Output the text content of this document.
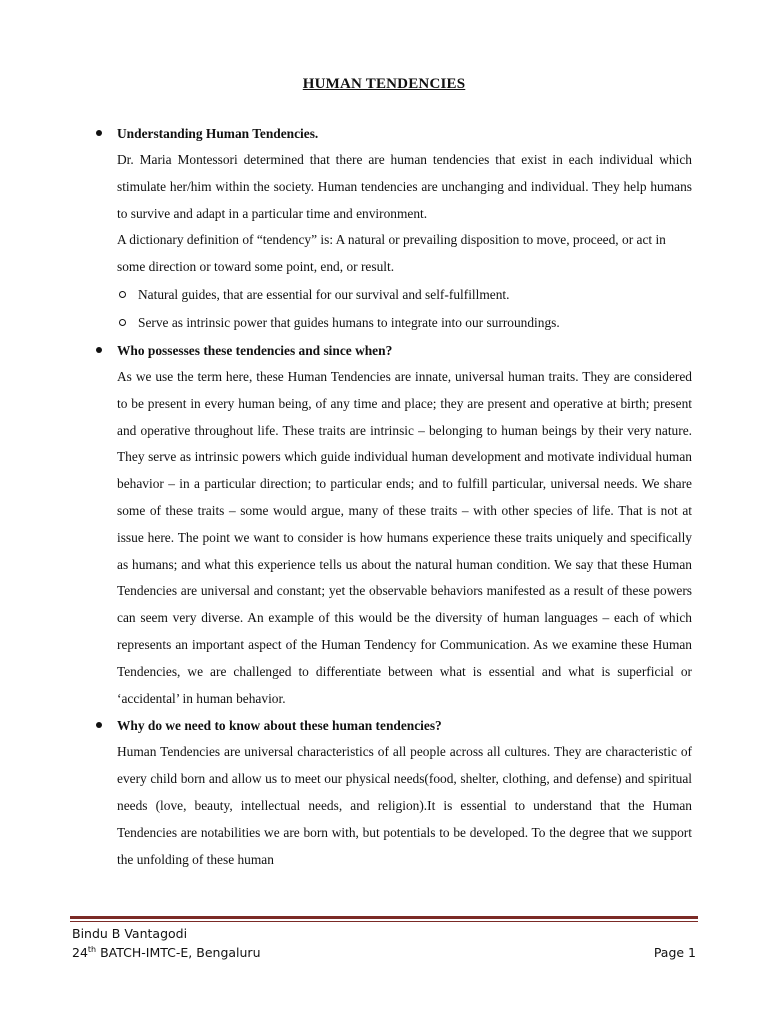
HUMAN TENDENCIES
Understanding Human Tendencies.
Dr. Maria Montessori determined that there are human tendencies that exist in each individual which stimulate her/him within the society. Human tendencies are unchanging and individual. They help humans to survive and adapt in a particular time and environment.
A dictionary definition of “tendency” is: A natural or prevailing disposition to move, proceed, or act in some direction or toward some point, end, or result.
Natural guides, that are essential for our survival and self-fulfillment.
Serve as intrinsic power that guides humans to integrate into our surroundings.
Who possesses these tendencies and since when?
As we use the term here, these Human Tendencies are innate, universal human traits. They are considered to be present in every human being, of any time and place; they are present and operative at birth; present and operative throughout life. These traits are intrinsic – belonging to human beings by their very nature. They serve as intrinsic powers which guide individual human development and motivate individual human behavior – in a particular direction; to particular ends; and to fulfill particular, universal needs. We share some of these traits – some would argue, many of these traits – with other species of life. That is not at issue here. The point we want to consider is how humans experience these traits uniquely and specifically as humans; and what this experience tells us about the natural human condition. We say that these Human Tendencies are universal and constant; yet the observable behaviors manifested as a result of these powers can seem very diverse. An example of this would be the diversity of human languages – each of which represents an important aspect of the Human Tendency for Communication. As we examine these Human Tendencies, we are challenged to differentiate between what is essential and what is superficial or ‘accidental’ in human behavior.
Why do we need to know about these human tendencies?
Human Tendencies are universal characteristics of all people across all cultures. They are characteristic of every child born and allow us to meet our physical needs(food, shelter, clothing, and defense) and spiritual needs (love, beauty, intellectual needs, and religion).It is essential to understand that the Human Tendencies are notabilities we are born with, but potentials to be developed. To the degree that we support the unfolding of these human
Bindu B Vantagodi
24th BATCH-IMTC-E, Bengaluru	Page 1
